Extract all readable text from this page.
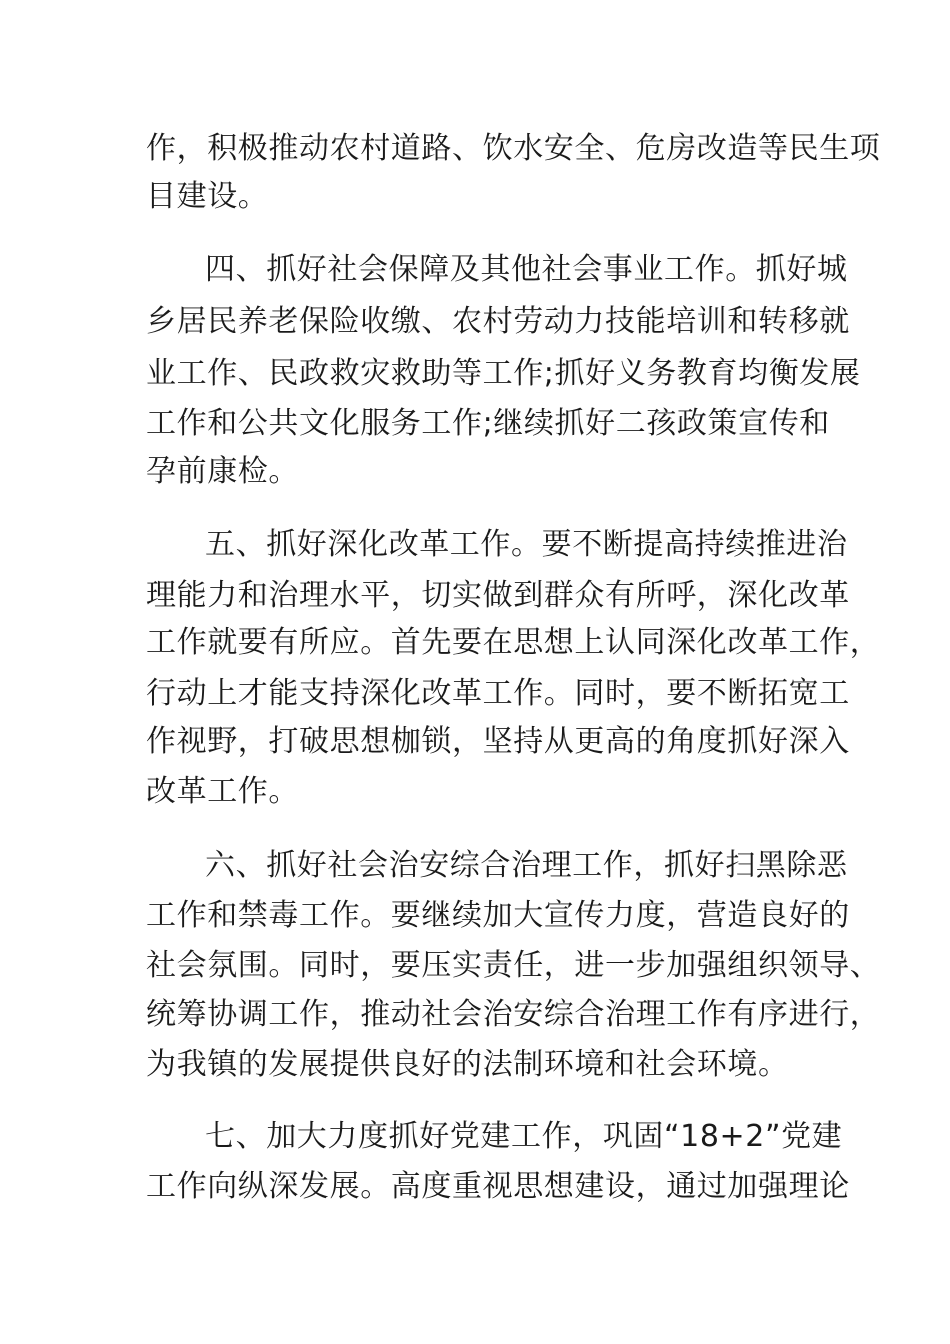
作，积极推动农村道路、饮水安全、危房改造等民生项
目建设。
四、抓好社会保障及其他社会事业工作。抓好城
乡居民养老保险收缴、农村劳动力技能培训和转移就
业工作、民政救灾救助等工作;抓好义务教育均衡发展
工作和公共文化服务工作;继续抓好二孩政策宣传和
孕前康检。
五、抓好深化改革工作。要不断提高持续推进治
理能力和治理水平，切实做到群众有所呼，深化改革
工作就要有所应。首先要在思想上认同深化改革工作，
行动上才能支持深化改革工作。同时，要不断拓宽工
作视野，打破思想枷锁，坚持从更高的角度抓好深入
改革工作。
六、抓好社会治安综合治理工作，抓好扫黑除恶
工作和禁毒工作。要继续加大宣传力度，营造良好的
社会氛围。同时，要压实责任，进一步加强组织领导、
统筹协调工作，推动社会治安综合治理工作有序进行，
为我镇的发展提供良好的法制环境和社会环境。
七、加大力度抓好党建工作，巩固“18+2”党建
工作向纵深发展。高度重视思想建设，通过加强理论
